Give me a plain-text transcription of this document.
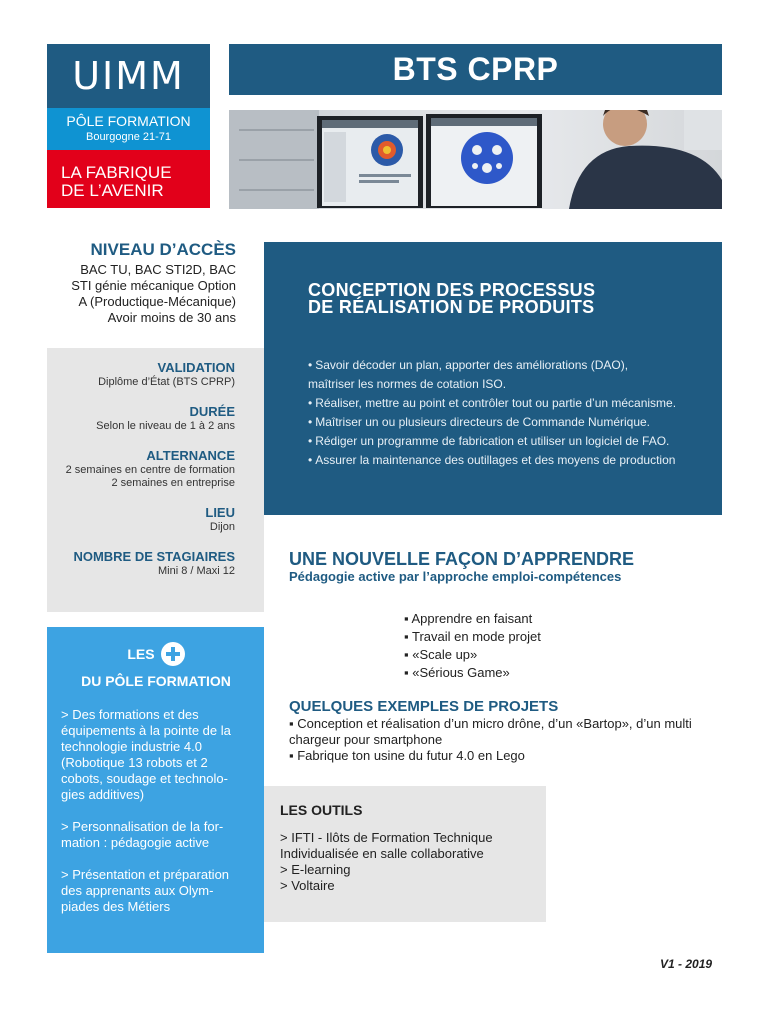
UIMM
PÔLE FORMATION
Bourgogne 21-71
LA FABRIQUE
DE L’AVENIR
BTS CPRP
NIVEAU D’ACCÈS

BAC TU, BAC STI2D, BAC

STI génie mécanique Option

A (Productique-Mécanique)

Avoir moins de 30 ans

VALIDATION

Diplôme d’État (BTS CPRP)

DURÉE

Selon le niveau de 1 à 2 ans

ALTERNANCE

2 semaines en centre de formation

2 semaines en entreprise

LIEU

Dijon

NOMBRE DE STAGIAIRES

Mini 8 / Maxi 12

CONCEPTION DES PROCESSUS
DE RÉALISATION DE PRODUITS
• Savoir décoder un plan, apporter des améliorations (DAO),
maîtriser les normes de cotation ISO.
• Réaliser, mettre au point et contrôler tout ou partie d’un mécanisme.
• Maîtriser un ou plusieurs directeurs de Commande Numérique.
• Rédiger un programme de fabrication et utiliser un logiciel de FAO.
• Assurer la maintenance des outillages et des moyens de production
UNE NOUVELLE FAÇON D’APPRENDRE
Pédagogie active par l’approche emploi-compétences
▪ Apprendre en faisant
▪ Travail en mode projet
▪ «Scale up»
▪ «Sérious Game»
QUELQUES EXEMPLES DE PROJETS
▪ Conception et réalisation d’un micro drône, d’un «Bartop», d’un multi chargeur pour smartphone
▪ Fabrique ton usine du futur 4.0 en Lego
LES
DU PÔLE FORMATION

> Des formations et des équipements à la pointe de la technologie industrie 4.0 (Robotique 13 robots et 2 cobots, soudage et technolo-gies additives)

> Personnalisation de la for-mation : pédagogie active

> Présentation et préparation des apprenants aux Olym-piades des Métiers

LES OUTILS

> IFTI - Ilôts de Formation Technique

Individualisée en salle collaborative

> E-learning

> Voltaire

V1 - 2019
